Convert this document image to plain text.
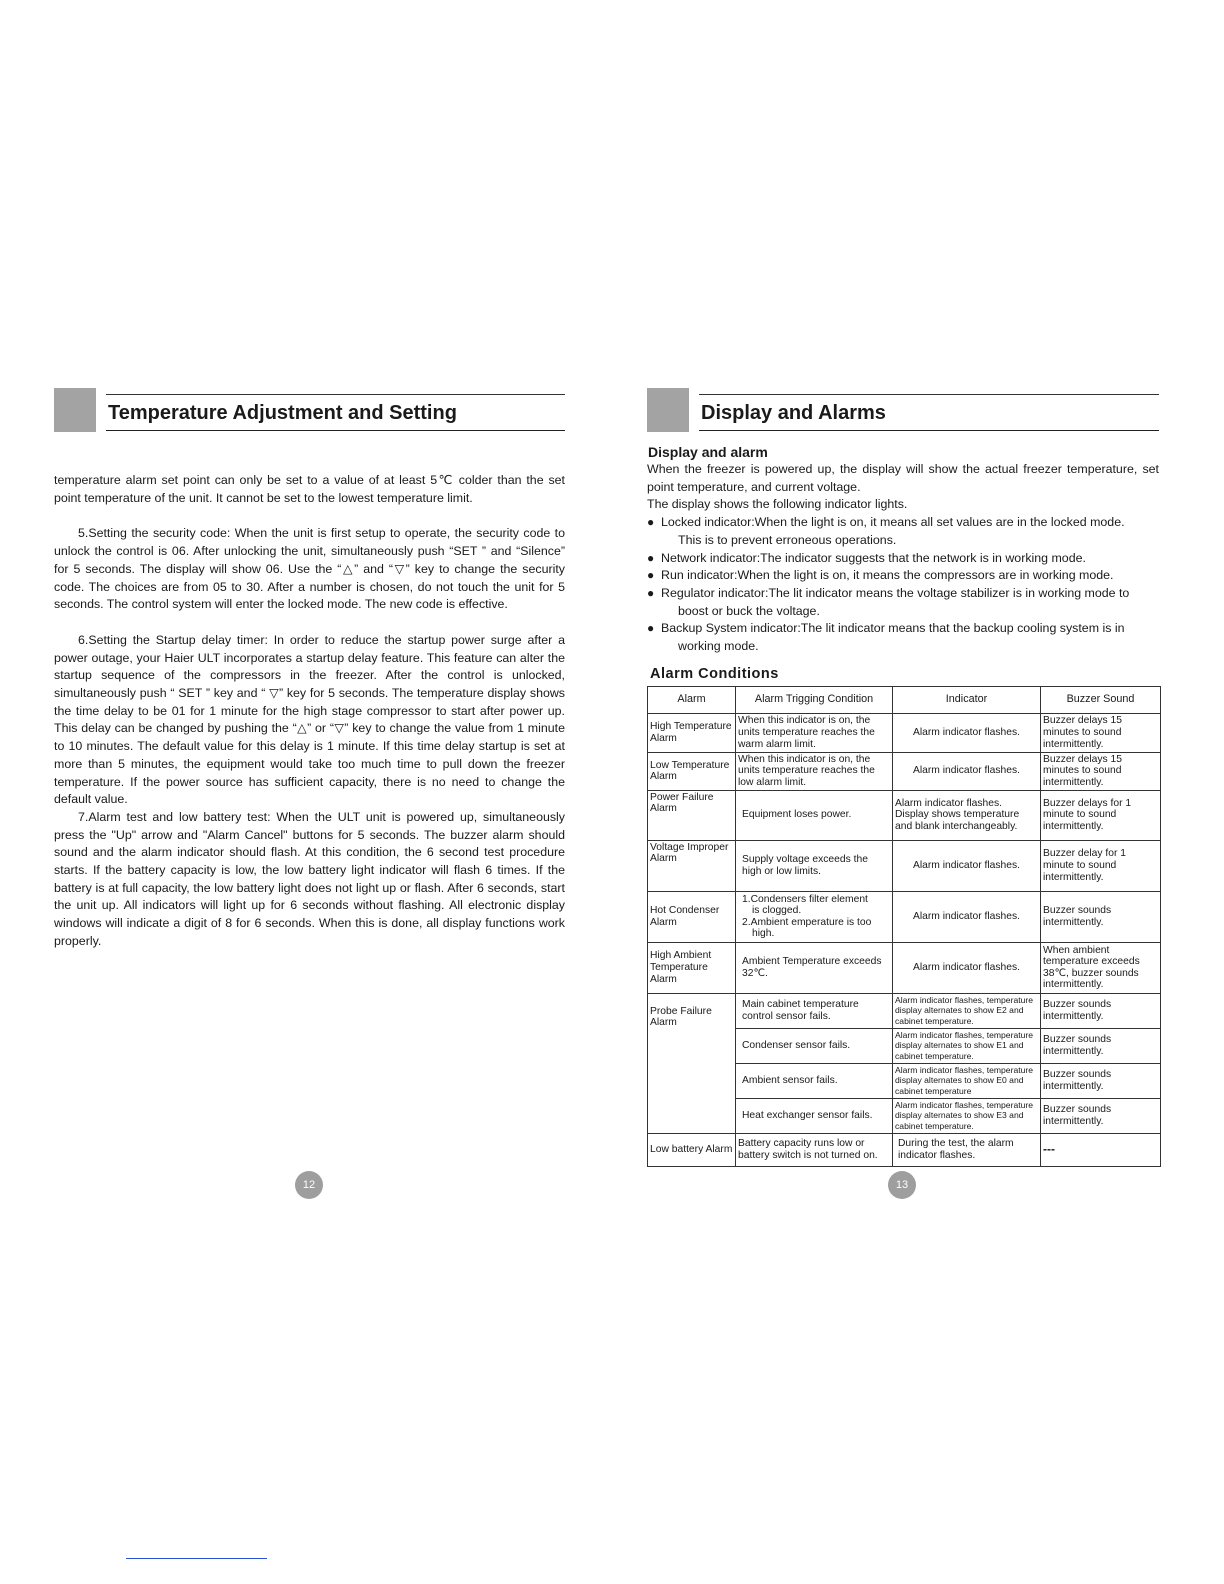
Temperature Adjustment and Setting

temperature alarm set point can only be set to a value of at least 5℃ colder than the set point temperature of the unit. It cannot be set to the lowest temperature limit.

5.Setting the security code: When the unit is first setup to operate, the security code to unlock the control is 06. After unlocking the unit, simultaneously push “SET ” and “Silence” for 5 seconds. The display will show 06. Use the “△” and “▽” key to change the security code. The choices are from 05 to 30. After a number is chosen, do not touch the unit for 5 seconds. The control system will enter the locked mode. The new code is effective.

6.Setting the Startup delay timer: In order to reduce the startup power surge after a power outage, your Haier ULT incorporates a startup delay feature. This feature can alter the startup sequence of the compressors in the freezer. After the control is unlocked, simultaneously push “ SET ” key and “ ▽” key for 5 seconds. The temperature display shows the time delay to be 01 for 1 minute for the high stage compressor to start after power up. This delay can be changed by pushing the “△” or “▽” key to change the value from 1 minute to 10 minutes. The default value for this delay is 1 minute. If this time delay startup is set at more than 5 minutes, the equipment would take too much time to pull down the freezer temperature. If the power source has sufficient capacity, there is no need to change the default value.

7.Alarm test and low battery test: When the ULT unit is powered up, simultaneously press the "Up" arrow and "Alarm Cancel" buttons for 5 seconds. The buzzer alarm should sound and the alarm indicator should flash. At this condition, the 6 second test procedure starts. If the battery capacity is low, the low battery light indicator will flash 6 times. If the battery is at full capacity, the low battery light does not light up or flash. After 6 seconds, start the unit up. All indicators will light up for 6 seconds without flashing. All electronic display windows will indicate a digit of 8 for 6 seconds. When this is done, all display functions work properly.

12
Display and Alarms
Display and alarm

When the freezer is powered up, the display will show the actual freezer temperature, set point temperature, and current voltage.

The display shows the following indicator lights.

● Locked indicator:When the light is on, it means all set values are in the locked mode.
This is to prevent erroneous operations.
● Network indicator:The indicator suggests that the network is in working mode.
● Run indicator:When the light is on, it means the compressors are in working mode.
● Regulator indicator:The lit indicator means the voltage stabilizer is in working mode to
boost or buck the voltage.
● Backup System indicator:The lit indicator means that the backup cooling system is in
working mode.
Alarm Conditions
Alarm	Alarm Trigging Condition	Indicator	Buzzer Sound
High Temperature Alarm	When this indicator is on, the units temperature reaches the warm alarm limit.	Alarm indicator flashes.	Buzzer delays 15 minutes to sound intermittently.
Low Temperature Alarm	When this indicator is on, the units temperature reaches the low alarm limit.	Alarm indicator flashes.	Buzzer delays 15 minutes to sound intermittently.
Power Failure Alarm	Equipment loses power.	Alarm indicator flashes. Display shows temperature and blank interchangeably.	Buzzer delays for 1 minute to sound intermittently.
Voltage Improper Alarm	Supply voltage exceeds the high or low limits.	Alarm indicator flashes.	Buzzer delay for 1 minute to sound intermittently.
Hot Condenser Alarm	1.Condensers filter element
is clogged.
2.Ambient emperature is too
high.	Alarm indicator flashes.	Buzzer sounds intermittently.
High Ambient Temperature Alarm	Ambient Temperature exceeds 32℃.	Alarm indicator flashes.	When ambient temperature exceeds 38℃, buzzer sounds intermittently.
Probe Failure Alarm	Main cabinet temperature control sensor fails.	Alarm indicator flashes, temperature display alternates to show E2 and cabinet temperature.	Buzzer sounds intermittently.
	Condenser sensor fails.	Alarm indicator flashes, temperature display alternates to show E1 and cabinet temperature.	Buzzer sounds intermittently.
	Ambient sensor fails.	Alarm indicator flashes, temperature display alternates to show E0 and cabinet temperature	Buzzer sounds intermittently.
	Heat exchanger sensor fails.	Alarm indicator flashes, temperature display alternates to show E3 and cabinet temperature.	Buzzer sounds intermittently.
Low battery Alarm	Battery capacity runs low or battery switch is not turned on.	During the test, the alarm indicator flashes.	---
13
